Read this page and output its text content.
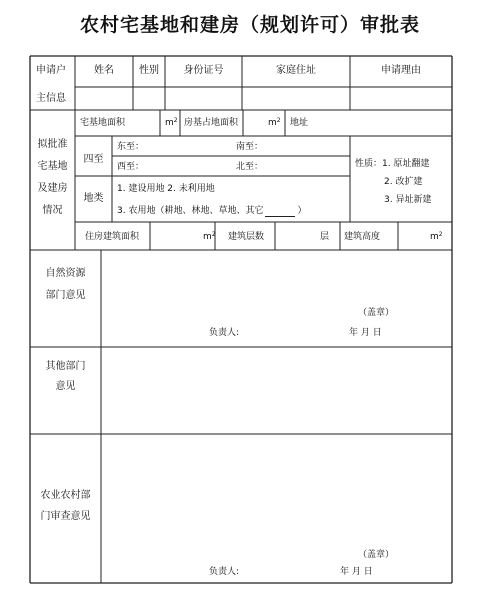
农村宅基地和建房（规划许可）审批表
申请户
主信息
姓名	性别	身份证号	家庭住址	申请理由
拟批准
宅基地
及建房
情况
宅基地面积	$m^2$ 房基占地面积	$m^2$ 地址
四至
东至：	南至：
西至：	北至：
地类
1. 建设用地 2. 未利用地
3. 农用地（耕地、林地、草地、其它	）
性质：1. 原址翻建
2. 改扩建
3. 异址新建
住房建筑面积	$m^2$ 建筑层数	层 建筑高度	$m^2$
自然资源
部门意见
（盖章）
负责人:	年 月 日
其他部门
意见
农业农村部
门审查意见
（盖章）
负责人:	年 月 日
